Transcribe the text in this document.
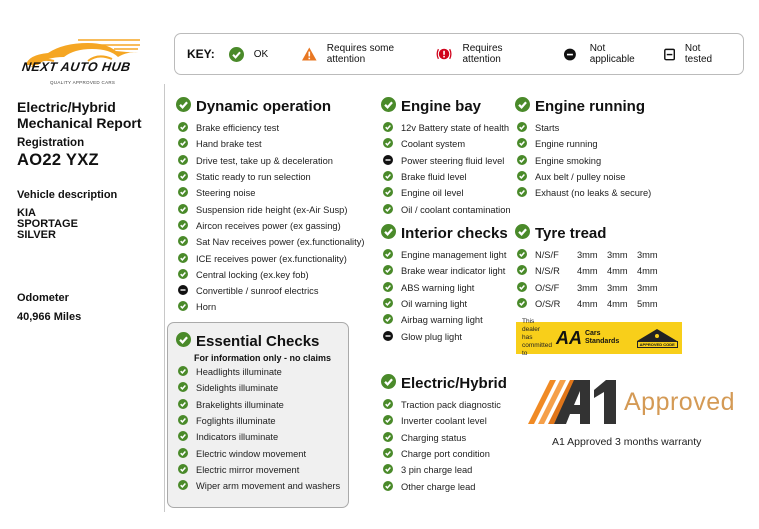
NEXT AUTO HUB
QUALITY APPROVED CARS
KEY:	OK	Requires some attention
Requires attention
Not applicable
Not tested
Electric/Hybrid
Mechanical Report
Registration
AO22 YXZ
Vehicle description
KIA
SPORTAGE
SILVER
Odometer
40,966 Miles
Dynamic operation
Brake efficiency test
Hand brake test
Drive test, take up & deceleration
Static ready to run selection
Steering noise
Suspension ride height (ex-Air Susp)
Aircon receives power (ex gassing)
Sat Nav receives power (ex.functionality)
ICE receives power (ex.functionality)
Central locking (ex.key fob)
Convertible / sunroof electrics
Horn
Essential Checks
For information only - no claims
Headlights illuminate
Sidelights illuminate
Brakelights illuminate
Foglights illuminate
Indicators illuminate
Electric window movement
Electric mirror movement
Wiper arm movement and washers
Engine bay
12v Battery state of health
Coolant system
Power steering fluid level
Brake fluid level
Engine oil level
Oil / coolant contamination
Interior checks
Engine management light
Brake wear indicator light
ABS warning light
Oil warning light
Airbag warning light
Glow plug light
Electric/Hybrid
Traction pack diagnostic
Inverter coolant level
Charging status
Charge port condition
3 pin charge lead
Other charge lead
Engine running
Starts
Engine running
Engine smoking
Aux belt / pulley noise
Exhaust (no leaks & secure)
Tyre tread
N/S/F	3mm	3mm	3mm
N/S/R	4mm	4mm	4mm
O/S/F	3mm	3mm	3mm
O/S/R	4mm	4mm	5mm
This dealer has committed to
AA Cars
Standards	APPROVED CODE
Approved
A1 Approved 3 months warranty
